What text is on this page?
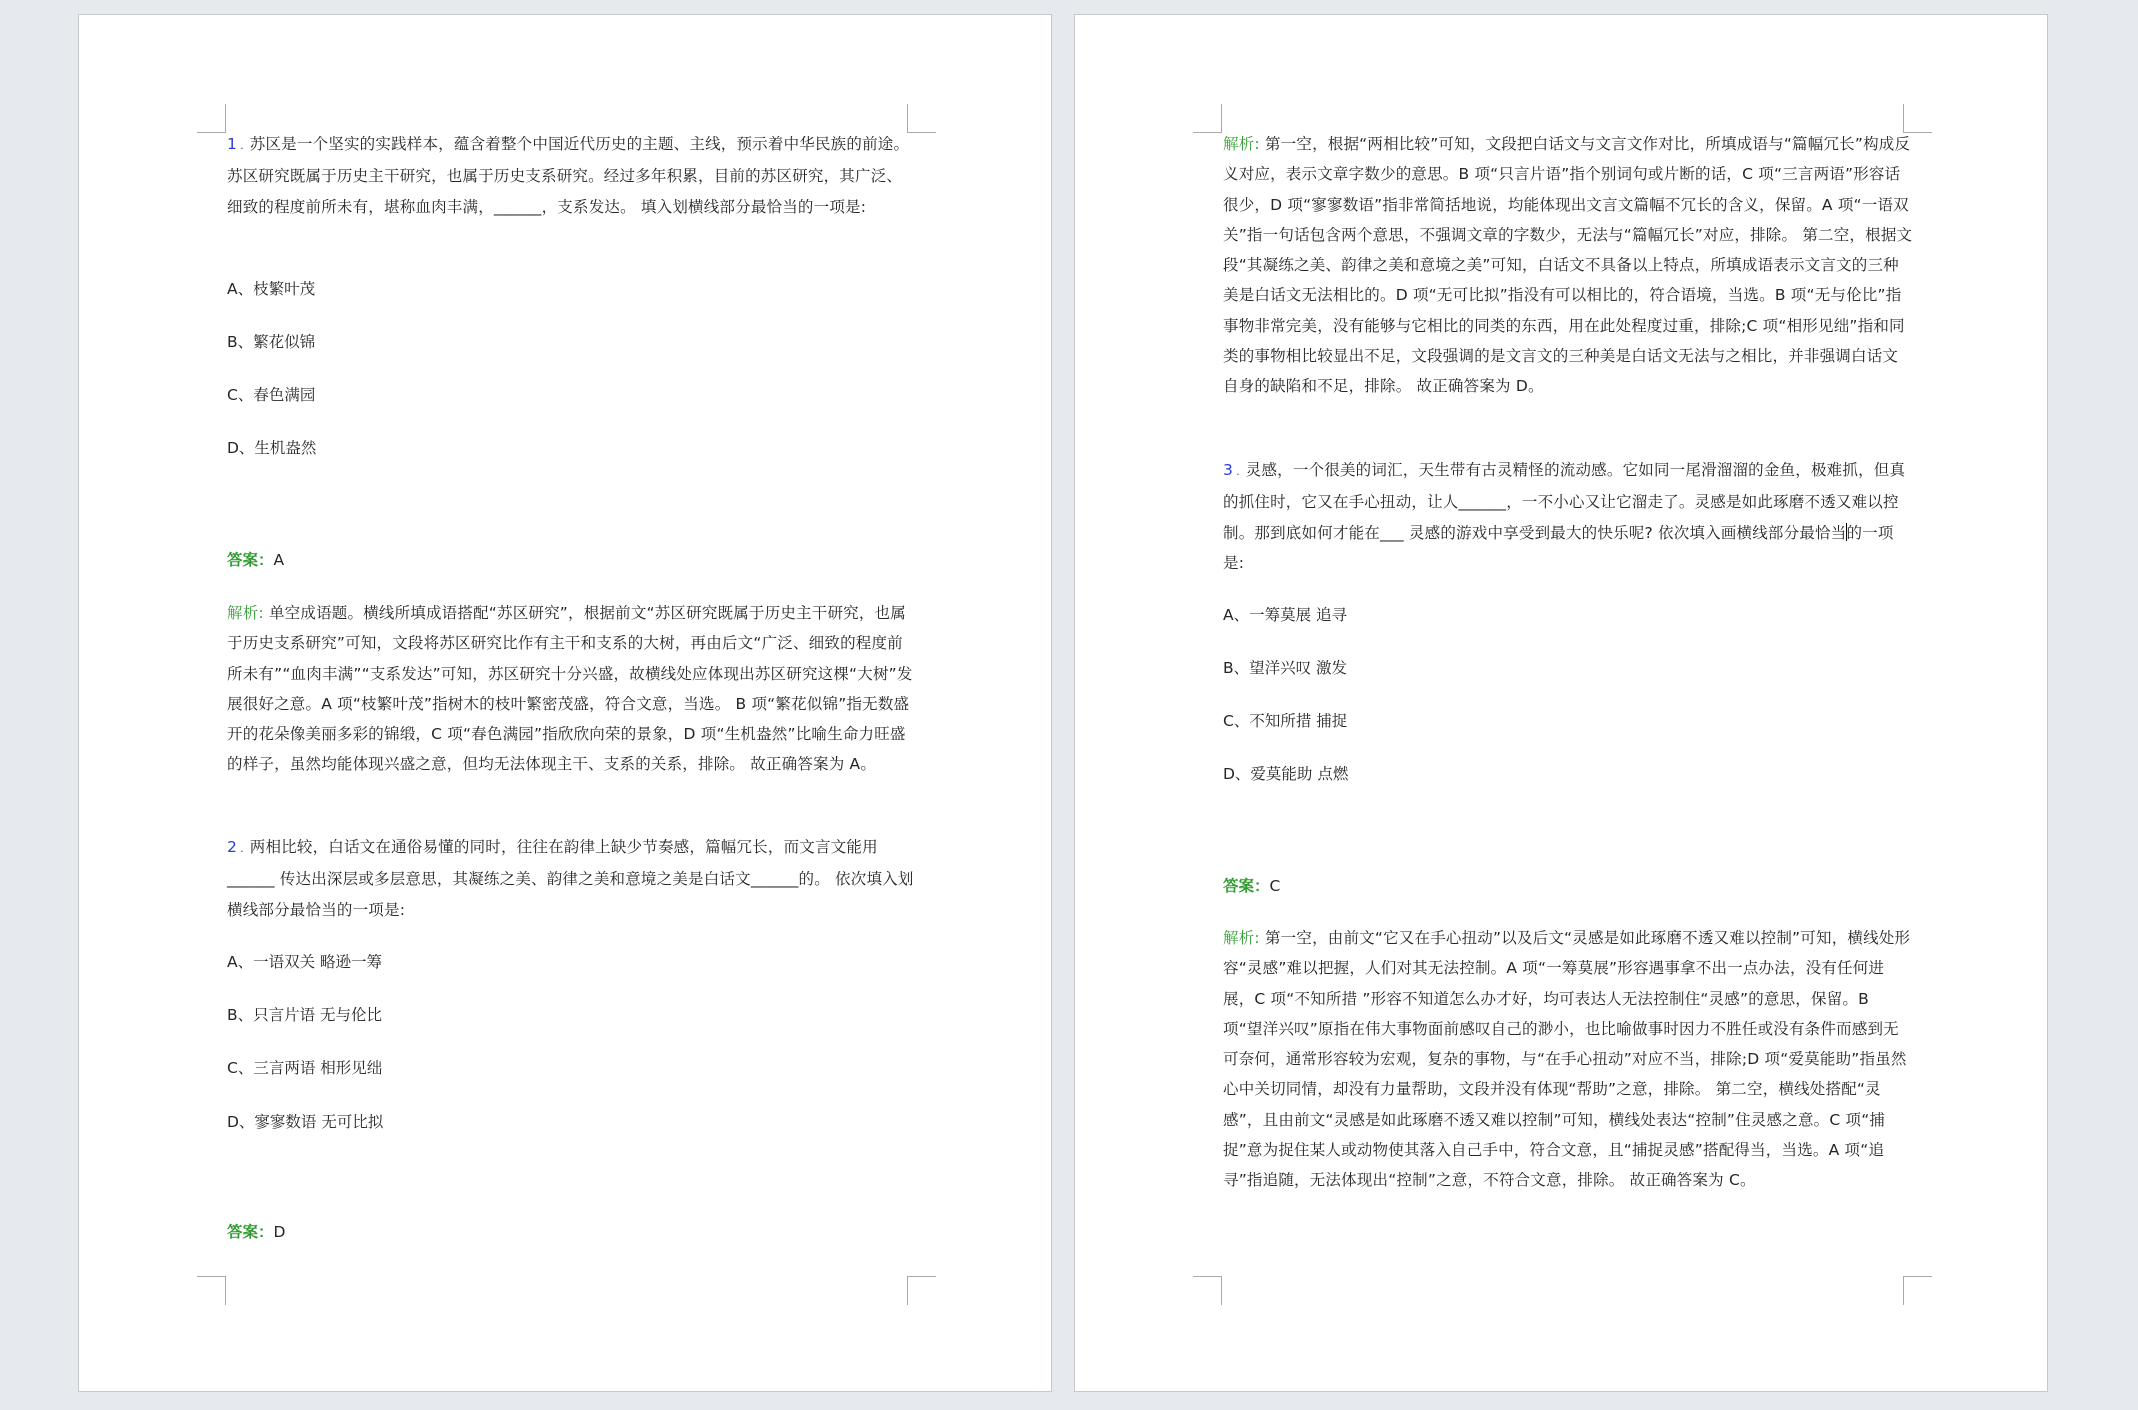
1 . 苏区是一个坚实的实践样本，蕴含着整个中国近代历史的主题、主线，预示着中华民族的前途。苏区研究既属于历史主干研究，也属于历史支系研究。经过多年积累，目前的苏区研究，其广泛、细致的程度前所未有，堪称血肉丰满，______，支系发达。 填入划横线部分最恰当的一项是:
A、枝繁叶茂
B、繁花似锦
C、春色满园
D、生机盎然
答案：A
解析: 单空成语题。横线所填成语搭配“苏区研究”，根据前文“苏区研究既属于历史主干研究，也属于历史支系研究”可知，文段将苏区研究比作有主干和支系的大树，再由后文“广泛、细致的程度前所未有”“血肉丰满”“支系发达”可知，苏区研究十分兴盛，故横线处应体现出苏区研究这棵“大树”发展很好之意。A 项“枝繁叶茂”指树木的枝叶繁密茂盛，符合文意，当选。 B 项“繁花似锦”指无数盛开的花朵像美丽多彩的锦缎，C 项“春色满园”指欣欣向荣的景象，D 项“生机盎然”比喻生命力旺盛的样子，虽然均能体现兴盛之意，但均无法体现主干、支系的关系，排除。 故正确答案为 A。
2 . 两相比较，白话文在通俗易懂的同时，往往在韵律上缺少节奏感，篇幅冗长，而文言文能用______ 传达出深层或多层意思，其凝练之美、韵律之美和意境之美是白话文______的。 依次填入划横线部分最恰当的一项是:
A、一语双关 略逊一筹
B、只言片语 无与伦比
C、三言两语 相形见绌
D、寥寥数语 无可比拟
答案：D
解析: 第一空，根据“两相比较”可知，文段把白话文与文言文作对比，所填成语与“篇幅冗长”构成反义对应，表示文章字数少的意思。B 项“只言片语”指个别词句或片断的话，C 项“三言两语”形容话很少，D 项“寥寥数语”指非常简括地说，均能体现出文言文篇幅不冗长的含义，保留。A 项“一语双关”指一句话包含两个意思，不强调文章的字数少，无法与“篇幅冗长”对应，排除。 第二空，根据文段“其凝练之美、韵律之美和意境之美”可知，白话文不具备以上特点，所填成语表示文言文的三种美是白话文无法相比的。D 项“无可比拟”指没有可以相比的，符合语境，当选。B 项“无与伦比”指事物非常完美，没有能够与它相比的同类的东西，用在此处程度过重，排除;C 项“相形见绌”指和同类的事物相比较显出不足，文段强调的是文言文的三种美是白话文无法与之相比，并非强调白话文自身的缺陷和不足，排除。 故正确答案为 D。
3 . 灵感，一个很美的词汇，天生带有古灵精怪的流动感。它如同一尾滑溜溜的金鱼，极难抓，但真的抓住时，它又在手心扭动，让人______，一不小心又让它溜走了。灵感是如此琢磨不透又难以控制。那到底如何才能在___ 灵感的游戏中享受到最大的快乐呢? 依次填入画横线部分最恰当的一项是:
A、一筹莫展 追寻
B、望洋兴叹 激发
C、不知所措 捕捉
D、爱莫能助 点燃
答案：C
解析: 第一空，由前文“它又在手心扭动”以及后文“灵感是如此琢磨不透又难以控制”可知，横线处形容“灵感”难以把握，人们对其无法控制。A 项“一筹莫展”形容遇事拿不出一点办法，没有任何进展，C 项“不知所措 ”形容不知道怎么办才好，均可表达人无法控制住“灵感”的意思，保留。B 项“望洋兴叹”原指在伟大事物面前感叹自己的渺小，也比喻做事时因力不胜任或没有条件而感到无可奈何，通常形容较为宏观，复杂的事物，与“在手心扭动”对应不当，排除;D 项“爱莫能助”指虽然心中关切同情，却没有力量帮助，文段并没有体现“帮助”之意，排除。 第二空，横线处搭配“灵感”，且由前文“灵感是如此琢磨不透又难以控制”可知，横线处表达“控制”住灵感之意。C 项“捕捉”意为捉住某人或动物使其落入自己手中，符合文意，且“捕捉灵感”搭配得当，当选。A 项“追寻”指追随，无法体现出“控制”之意，不符合文意，排除。 故正确答案为 C。
